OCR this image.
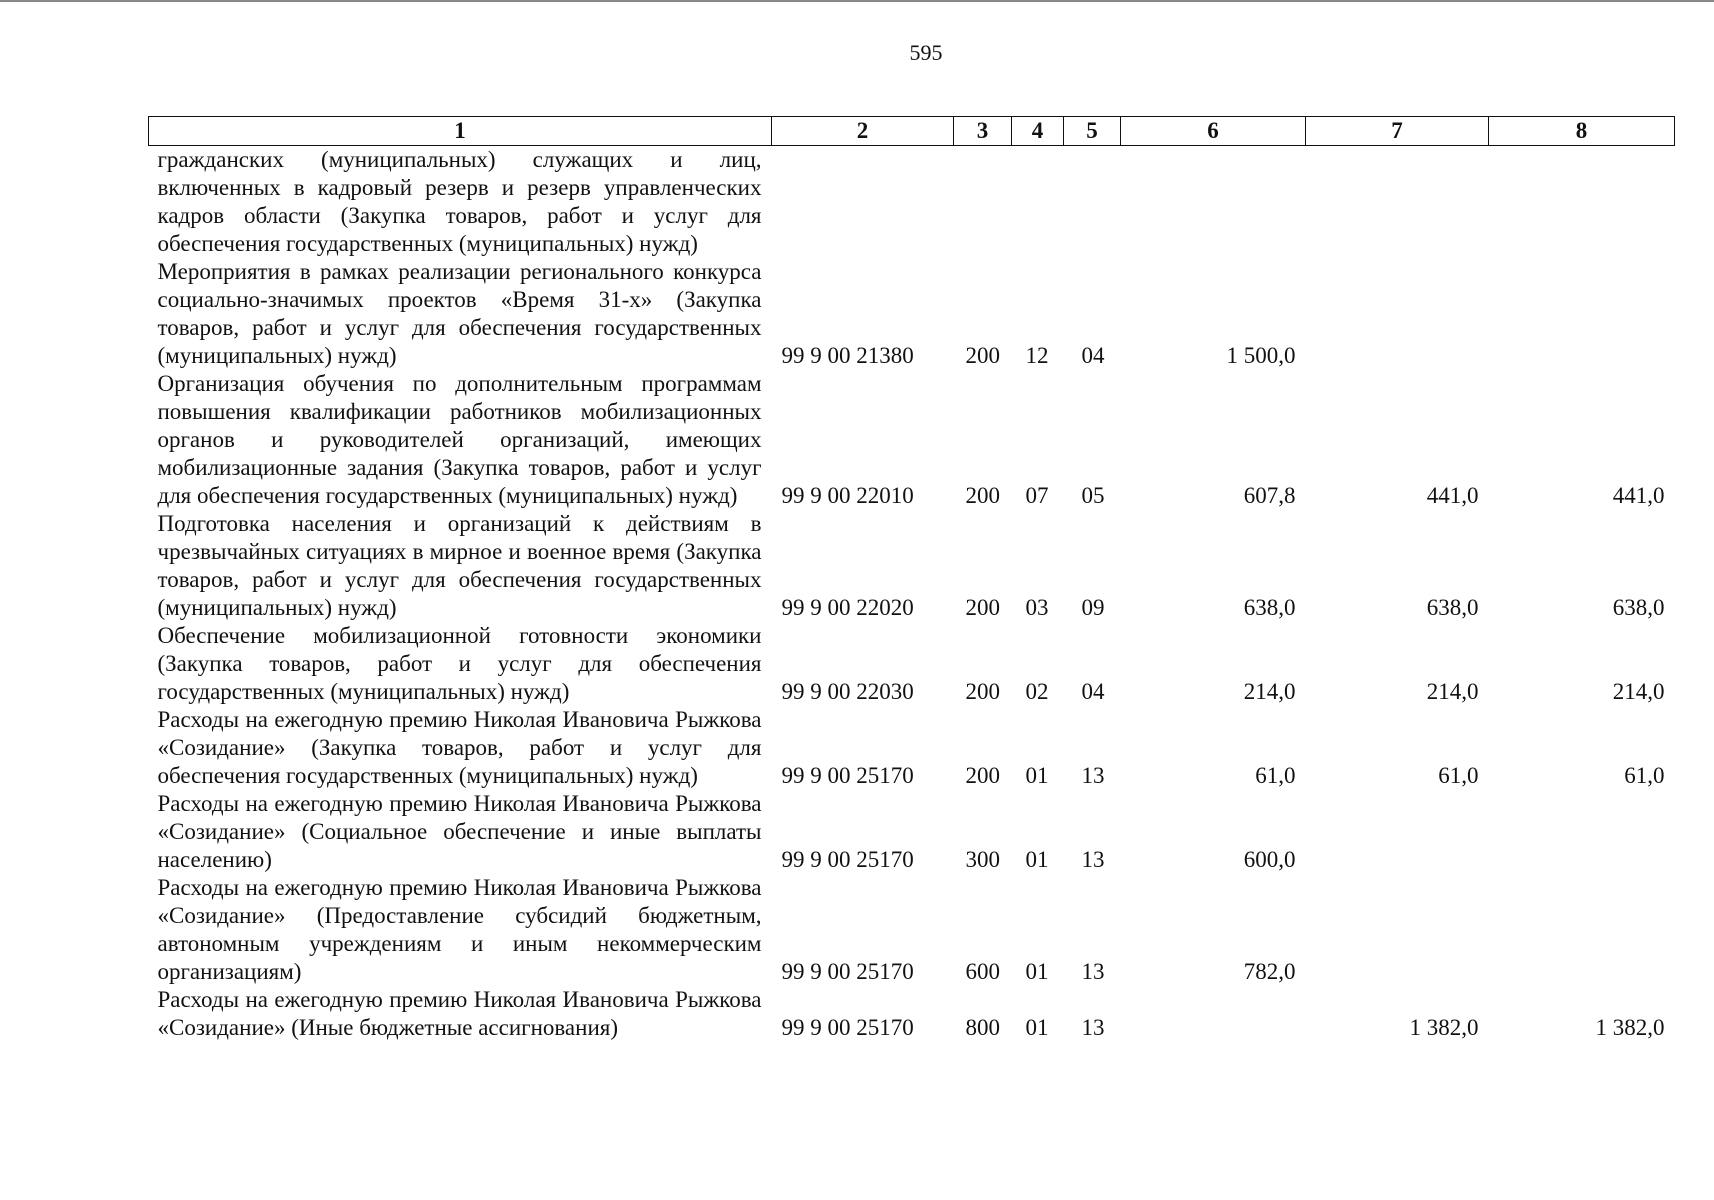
595
1	2	3	4	5	6	7	8
гражданских (муниципальных) служащих и лиц, включенных в кадровый резерв и резерв управленческих кадров области (Закупка товаров, работ и услуг для обеспечения государственных (муниципальных) нужд)							
Мероприятия в рамках реализации регионального конкурса социально-значимых проектов «Время 31-х» (Закупка товаров, работ и услуг для обеспечения государственных (муниципальных) нужд)	99 9 00 21380	200	12	04	1 500,0		
Организация обучения по дополнительным программам повышения квалификации работников мобилизационных органов и руководителей организаций, имеющих мобилизационные задания (Закупка товаров, работ и услуг для обеспечения государственных (муниципальных) нужд)	99 9 00 22010	200	07	05	607,8	441,0	441,0
Подготовка населения и организаций к действиям в чрезвычайных ситуациях в мирное и военное время (Закупка товаров, работ и услуг для обеспечения государственных (муниципальных) нужд)	99 9 00 22020	200	03	09	638,0	638,0	638,0
Обеспечение мобилизационной готовности экономики (Закупка товаров, работ и услуг для обеспечения государственных (муниципальных) нужд)	99 9 00 22030	200	02	04	214,0	214,0	214,0
Расходы на ежегодную премию Николая Ивановича Рыжкова «Созидание» (Закупка товаров, работ и услуг для обеспечения государственных (муниципальных) нужд)	99 9 00 25170	200	01	13	61,0	61,0	61,0
Расходы на ежегодную премию Николая Ивановича Рыжкова «Созидание» (Социальное обеспечение и иные выплаты населению)	99 9 00 25170	300	01	13	600,0		
Расходы на ежегодную премию Николая Ивановича Рыжкова «Созидание» (Предоставление субсидий бюджетным, автономным учреждениям и иным некоммерческим организациям)	99 9 00 25170	600	01	13	782,0		
Расходы на ежегодную премию Николая Ивановича Рыжкова «Созидание» (Иные бюджетные ассигнования)	99 9 00 25170	800	01	13		1 382,0	1 382,0
